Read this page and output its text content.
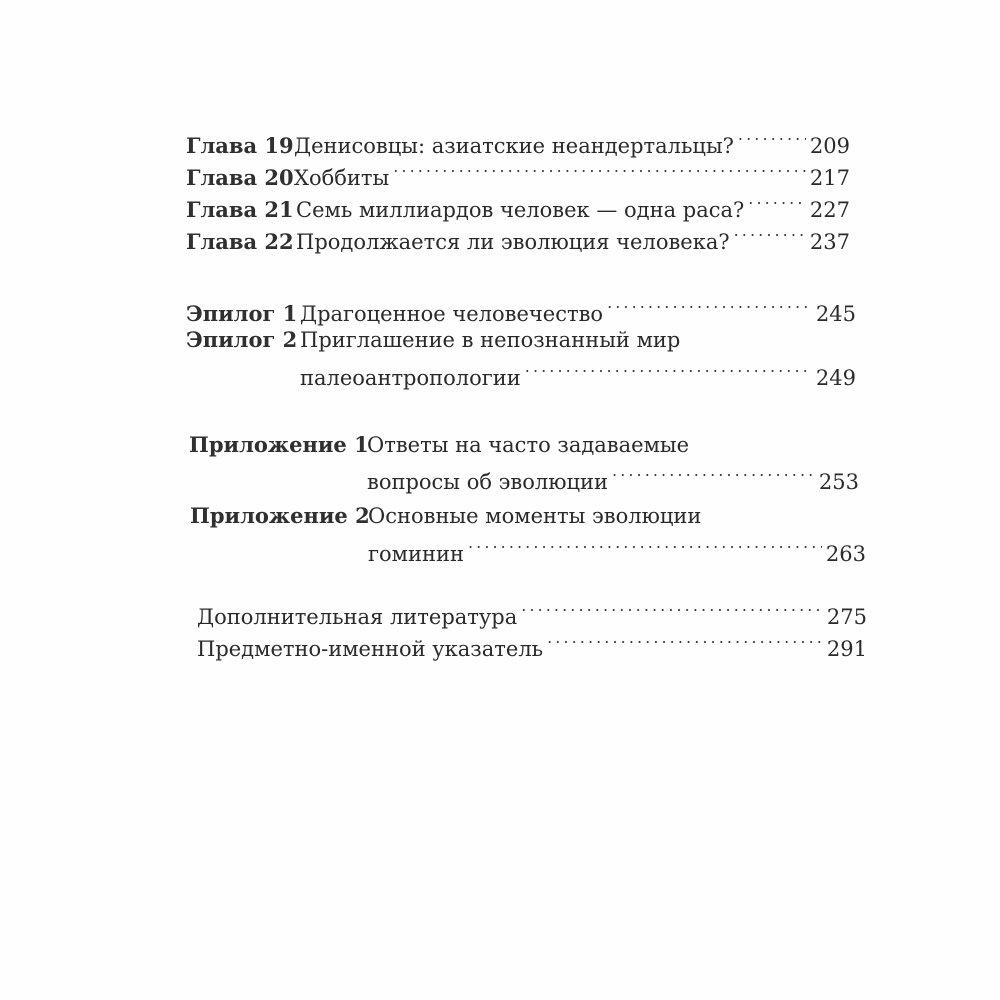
Глава 19 Денисовцы: азиатские неандертальцы? . . .	209
Глава 20 Хоббиты . . .	217
Глава 21 Семь миллиардов человек — одна раса? . . .	227
Глава 22 Продолжается ли эволюция человека? . . .	237
Эпилог 1 Драгоценное человечество . . .	245
Эпилог 2 Приглашение в непознанный мир
палеоантропологии . . .	249
Приложение 1
Ответы на часто задаваемые
вопросы об эволюции . . .	253
Приложение 2
Основные моменты эволюции
гоминин . . .	263
Дополнительная литература . . .	275
Предметно-именной указатель . . .	291
